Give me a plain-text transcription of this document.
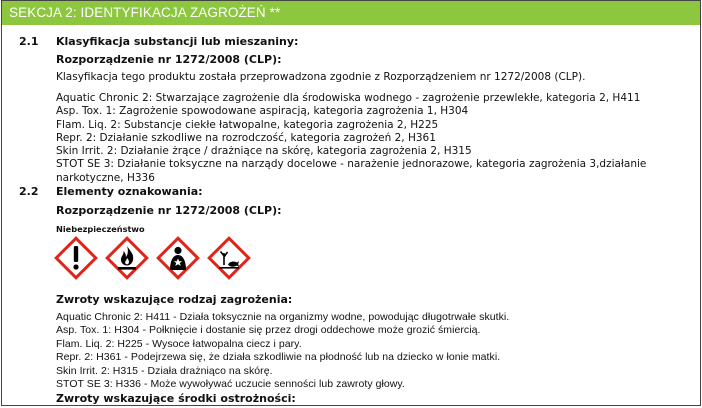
SEKCJA 2: IDENTYFIKACJA ZAGROŻEŃ **
2.1 Klasyfikacja substancji lub mieszaniny:
Rozporządzenie nr 1272/2008 (CLP):
Klasyfikacja tego produktu została przeprowadzona zgodnie z Rozporządzeniem nr 1272/2008 (CLP).
Aquatic Chronic 2: Stwarzające zagrożenie dla środowiska wodnego - zagrożenie przewlekłe, kategoria 2, H411
Asp. Tox. 1: Zagrożenie spowodowane aspiracją, kategoria zagrożenia 1, H304
Flam. Liq. 2: Substancje ciekłe łatwopalne, kategoria zagrożenia 2, H225
Repr. 2: Działanie szkodliwe na rozrodczość, kategoria zagrożeń 2, H361
Skin Irrit. 2: Działanie żrące / drażniące na skórę, kategoria zagrożenia 2, H315
STOT SE 3: Działanie toksyczne na narządy docelowe - narażenie jednorazowe, kategoria zagrożenia 3,działanie narkotyczne, H336
2.2 Elementy oznakowania:
Rozporządzenie nr 1272/2008 (CLP):
Niebezpieczeństwo
Zwroty wskazujące rodzaj zagrożenia:
Aquatic Chronic 2: H411 - Działa toksycznie na organizmy wodne, powodując długotrwałe skutki.
Asp. Tox. 1: H304 - Połknięcie i dostanie się przez drogi oddechowe może grozić śmiercią.
Flam. Liq. 2: H225 - Wysoce łatwopalna ciecz i pary.
Repr. 2: H361 - Podejrzewa się, że działa szkodliwie na płodność lub na dziecko w łonie matki.
Skin Irrit. 2: H315 - Działa drażniąco na skórę.
STOT SE 3: H336 - Może wywoływać uczucie senności lub zawroty głowy.
Zwroty wskazujące środki ostrożności:
